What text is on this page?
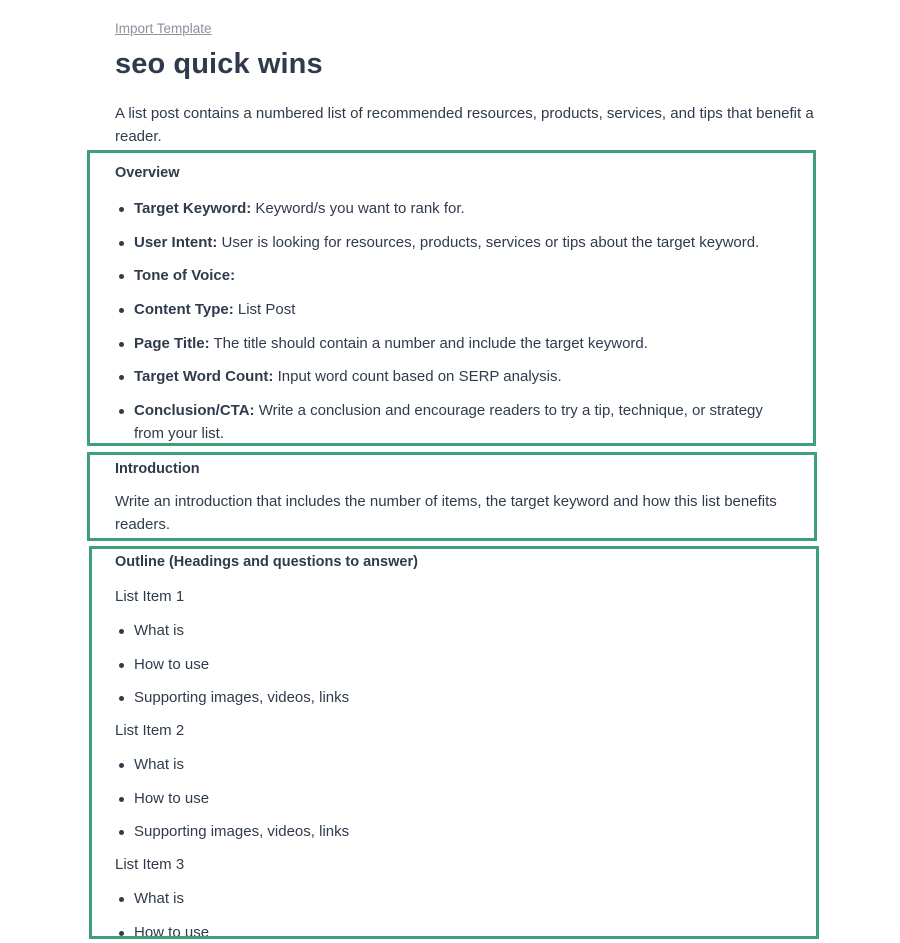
Import Template
seo quick wins

A list post contains a numbered list of recommended resources, products, services, and tips that benefit a reader.

Overview
Target Keyword: Keyword/s you want to rank for.
User Intent: User is looking for resources, products, services or tips about the target keyword.
Tone of Voice:
Content Type: List Post
Page Title: The title should contain a number and include the target keyword.
Target Word Count: Input word count based on SERP analysis.
Conclusion/CTA: Write a conclusion and encourage readers to try a tip, technique, or strategy from your list.
Introduction

Write an introduction that includes the number of items, the target keyword and how this list benefits readers.

Outline (Headings and questions to answer)

List Item 1

What is
How to use
Supporting images, videos, links

List Item 2

What is
How to use
Supporting images, videos, links

List Item 3

What is
How to use
